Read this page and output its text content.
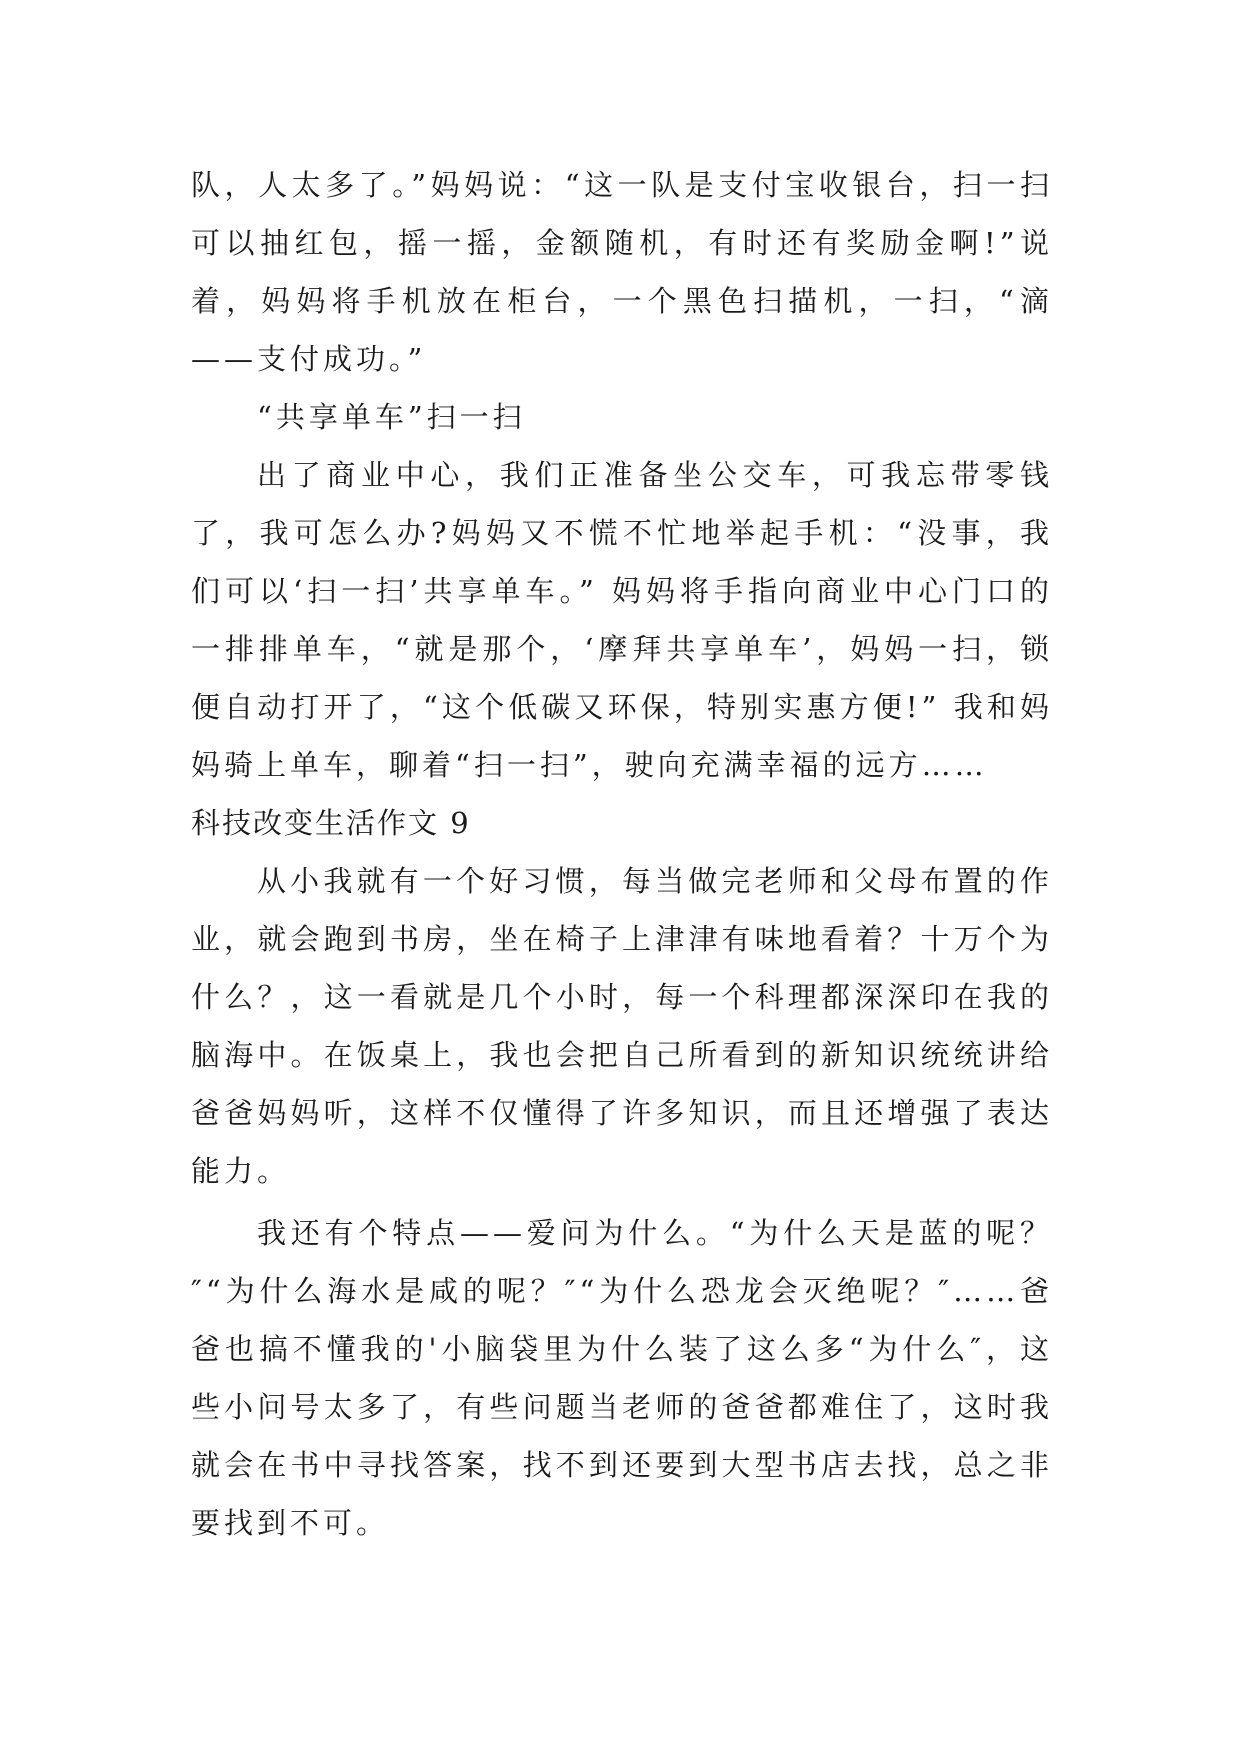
队，人太多了。”妈妈说：“这一队是支付宝收银台，扫一扫可以抽红包，摇一摇，金额随机，有时还有奖励金啊!”说着，妈妈将手机放在柜台，一个黑色扫描机，一扫，“滴——支付成功。”

“共享单车”扫一扫

出了商业中心，我们正准备坐公交车，可我忘带零钱了，我可怎么办?妈妈又不慌不忙地举起手机：“没事，我们可以‘扫一扫’共享单车。” 妈妈将手指向商业中心门口的一排排单车，“就是那个，‘摩拜共享单车’，妈妈一扫，锁便自动打开了，“这个低碳又环保，特别实惠方便!” 我和妈妈骑上单车，聊着“扫一扫”，驶向充满幸福的远方……

科技改变生活作文 9

从小我就有一个好习惯，每当做完老师和父母布置的作业，就会跑到书房，坐在椅子上津津有味地看着？十万个为什么？，这一看就是几个小时，每一个科理都深深印在我的脑海中。在饭桌上，我也会把自己所看到的新知识统统讲给爸爸妈妈听，这样不仅懂得了许多知识，而且还增强了表达能力。

我还有个特点——爱问为什么。“为什么天是蓝的呢？″“为什么海水是咸的呢？″“为什么恐龙会灭绝呢？″……爸爸也搞不懂我的'小脑袋里为什么装了这么多“为什么″，这些小问号太多了，有些问题当老师的爸爸都难住了，这时我就会在书中寻找答案，找不到还要到大型书店去找，总之非要找到不可。
